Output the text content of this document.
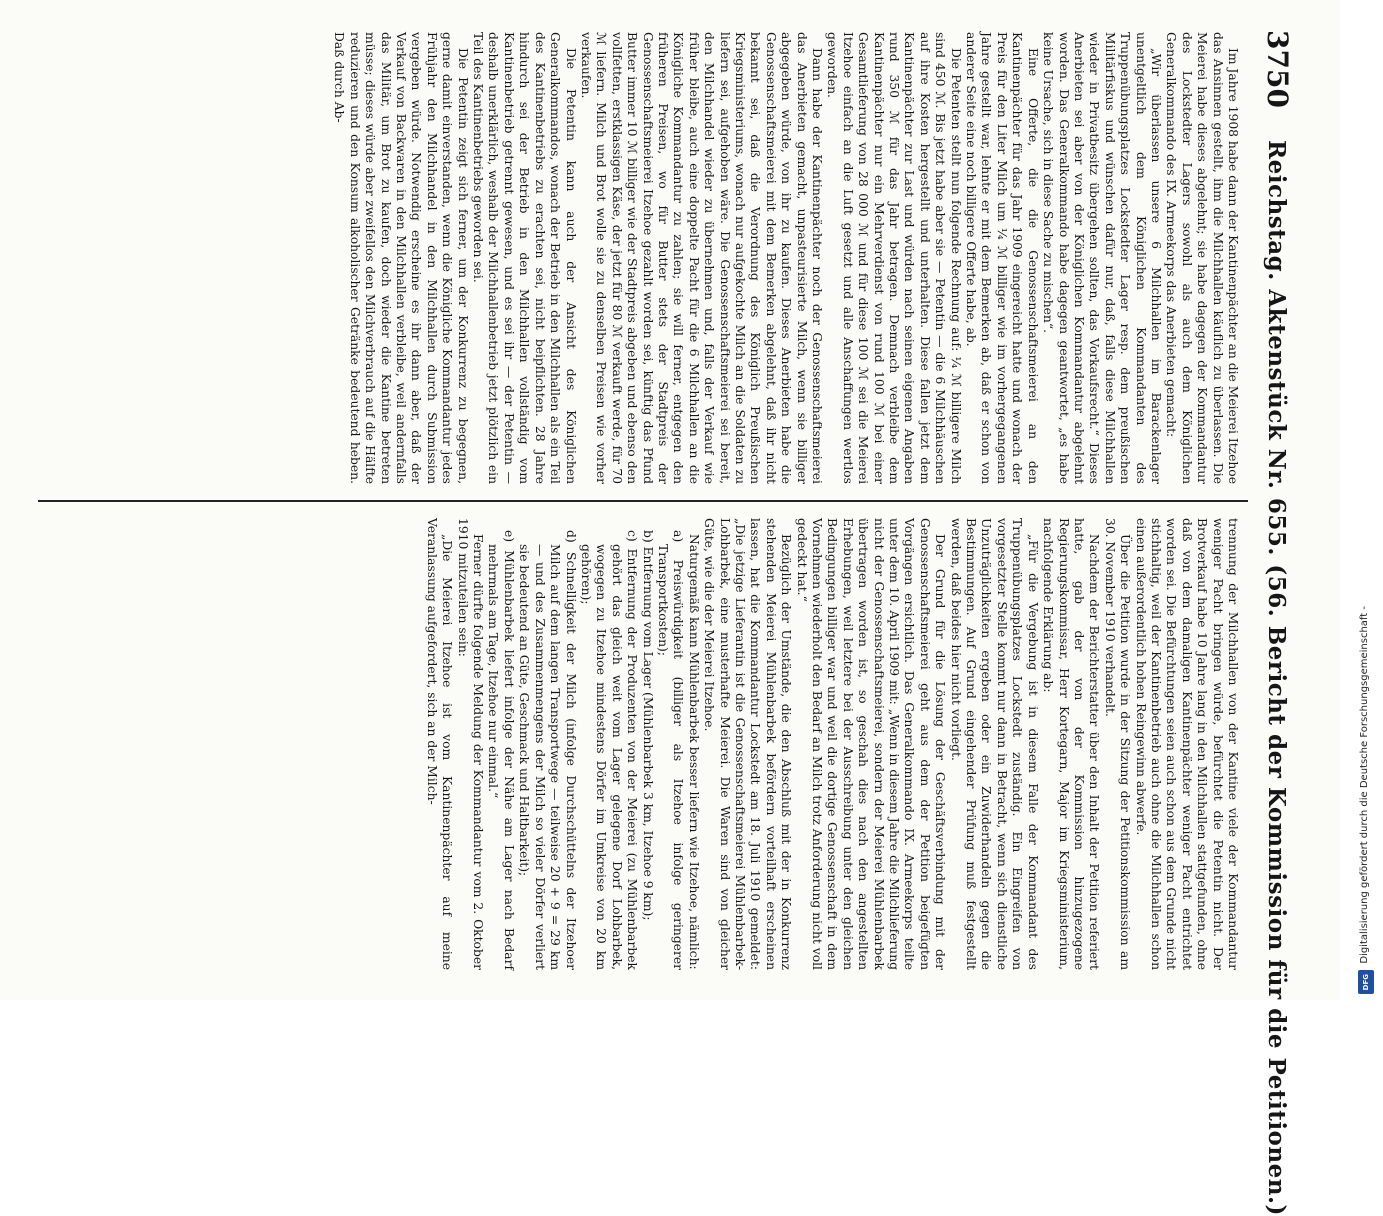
3750
Reichstag. Aktenstück Nr. 655. (56. Bericht der Kommission für die Petitionen.)

Im Jahre 1908 habe dann der Kantinenpächter an die Meierei Itzehoe das Ansinnen gestellt, ihm die Milchhallen käuflich zu überlassen. Die Meierei habe dieses abgelehnt; sie habe dagegen der Kommandantur des Lockstedter Lagers sowohl als auch dem Königlichen Generalkommando des IX. Armeekorps das Anerbieten gemacht:

„Wir überlassen unsere 6 Milchhallen im Barackenlager unentgeltlich dem Königlichen Kommandanten des Truppenübungsplatzes Lockstedter Lager resp. dem preußischen Militärfiskus und wünschen dafür nur, daß, falls diese Milchhallen wieder in Privatbesitz übergehen sollten, das Vorkaufsrecht.“ Dieses Anerbieten sei aber von der Königlichen Kommandantur abgelehnt worden. Das Generalkommando habe dagegen geantwortet, „es habe keine Ursache, sich in diese Sache zu mischen“.

Eine Offerte, die die Genossenschaftsmeierei an den Kantinenpächter für das Jahr 1909 eingereicht hatte und wonach der Preis für den Liter Milch um ¼ ℳ billiger wie im vorhergegangenen Jahre gestellt war, lehnte er mit dem Bemerken ab, daß er schon von anderer Seite eine noch billigere Offerte habe, ab.

Die Petenten stellt nun folgende Rechnung auf: ¼ ℳ billigere Milch sind 450 ℳ. Bis jetzt habe aber sie — Petentin — die 6 Milchhäuschen auf ihre Kosten hergestellt und unterhalten. Diese fallen jetzt dem Kantinenpächter zur Last und würden nach seinen eigenen Angaben rund 350 ℳ für das Jahr betragen. Demnach verbleibe dem Kantinenpächter nur ein Mehrverdienst von rund 100 ℳ bei einer Gesamtlieferung von 28 000 ℳ und für diese 100 ℳ sei die Meierei Itzehoe einfach an die Luft gesetzt und alle Anschaffungen wertlos geworden.

Dann habe der Kantinenpächter noch der Genossenschaftsmeierei das Anerbieten gemacht, unpasteurisierte Milch, wenn sie billiger abgegeben würde, von ihr zu kaufen. Dieses Anerbieten habe die Genossenschaftsmeierei mit dem Bemerken abgelehnt, daß ihr nicht bekannt sei, daß die Verordnung des Königlich Preußischen Kriegsministeriums, wonach nur aufgekochte Milch an die Soldaten zu liefern sei, aufgehoben wäre. Die Genossenschaftsmeierei sei bereit, den Milchhandel wieder zu übernehmen und, falls der Verkauf wie früher bleibe, auch eine doppelte Pacht für die 6 Milchhallen an die Königliche Kommandantur zu zahlen; sie will ferner, entgegen den früheren Preisen, wo für Butter stets der Stadtpreis der Genossenschaftsmeierei Itzehoe gezahlt worden sei, künftig das Pfund Butter immer 10 ℳ billiger wie der Stadtpreis abgeben und ebenso den vollfetten, erstklassigen Käse, der jetzt für 80 ℳ verkauft werde, für 70 ℳ liefern. Milch und Brot wolle sie zu denselben Preisen wie vorher verkaufen.

Die Petentin kann auch der Ansicht des Königlichen Generalkommandos, wonach der Betrieb in den Milchhallen als ein Teil des Kantinenbetriebs zu erachten sei, nicht beipflichten. 28 Jahre hindurch sei der Betrieb in den Milchhallen vollständig vom Kantinenbetrieb getrennt gewesen, und es sei ihr — der Petentin — deshalb unerklärlich, weshalb der Milchhallenbetrieb jetzt plötzlich ein Teil des Kantinenbetriebs geworden sei.

Die Petentin zeigt sich ferner, um der Konkurrenz zu begegnen, gerne damit einverstanden, wenn die Königliche Kommandantur jedes Frühjahr den Milchhandel in den Milchhallen durch Submission vergeben würde. Notwendig erscheine es ihr dann aber, daß der Verkauf von Backwaren in den Milchhallen verbleibe, weil andernfalls das Militär, um Brot zu kaufen, doch wieder die Kantine betreten müsse; dieses würde aber zweifellos den Milchverbrauch auf die Hälfte reduzieren und den Konsum alkoholischer Getränke bedeutend heben. Daß durch Ab-

trennung der Milchhallen von der Kantine viele der Kommandantur weniger Pacht bringen würde, befürchtet die Petentin nicht. Der Brotverkauf habe 10 Jahre lang in den Milchhallen stattgefunden, ohne daß von dem damaligen Kantinenpächter weniger Pacht entrichtet worden sei. Die Befürchtungen seien auch schon aus dem Grunde nicht stichhaltig, weil der Kantinenbetrieb auch ohne die Milchhallen schon einen außerordentlich hohen Reingewinn abwerfe.

Über die Petition wurde in der Sitzung der Petitionskommission am 30. November 1910 verhandelt.

Nachdem der Berichterstatter über den Inhalt der Petition referiert hatte, gab der von der Kommission hinzugezogene Regierungskommissar, Herr Kortegarn, Major im Kriegsministerium, nachfolgende Erklärung ab:

„Für die Vergebung ist in diesem Falle der Kommandant des Truppenübungsplatzes Lockstedt zuständig. Ein Eingreifen von vorgesetzter Stelle kommt nur dann in Betracht, wenn sich dienstliche Unzuträglichkeiten ergeben oder ein Zuwiderhandeln gegen die Bestimmungen. Auf Grund eingehender Prüfung muß festgestellt werden, daß beides hier nicht vorliegt.

Der Grund für die Lösung der Geschäftsverbindung mit der Genossenschaftsmeierei geht aus dem der Petition beigefügten Vorgängen ersichtlich. Das Generalkommando IX. Armeekorps teilte unter dem 10. April 1909 mit: „Wenn in diesem Jahre die Milchlieferung nicht der Genossenschaftsmeierei, sondern der Meierei Mühlenbarbek übertragen worden ist, so geschah dies nach den angestellten Erhebungen, weil letztere bei der Ausschreibung unter den gleichen Bedingungen billiger war und weil die dortige Genossenschaft in dem Vornehmen wiederholt den Bedarf an Milch trotz Anforderung nicht voll gedeckt hat.“

Bezüglich der Umstände, die den Abschluß mit der in Konkurrenz stehenden Meierei Mühlenbarbek befördern vorteilhaft erscheinen lassen, hat die Kommandantur Lockstedt am 18. Juli 1910 gemeldet: „Die jetzige Lieferantin ist die Genossenschaftsmeierei Mühlenbarbek-Lohbarbek, eine musterhafte Meierei. Die Waren sind von gleicher Güte, wie die der Meierei Itzehoe.

Naturgemäß kann Mühlenbarbek besser liefern wie Itzehoe, nämlich:

a) Preiswürdigkeit (billiger als Itzehoe infolge geringerer Transportkosten);
b) Entfernung vom Lager (Mühlenbarbek 3 km, Itzehoe 9 km);
c) Entfernung der Produzenten von der Meierei (zu Mühlenbarbek gehört das gleich weit vom Lager gelegene Dorf Lohbarbek, wogegen zu Itzehoe mindestens Dörfer im Umkreise von 20 km gehören);
d) Schnelligkeit der Milch (infolge Durchschüttelns der Itzehoer Milch auf dem langen Transportwege — teilweise 20 + 9 = 29 km — und des Zusammenmengens der Milch so vieler Dörfer verliert sie bedeutend an Güte, Geschmack und Haltbarkeit);
e) Mühlenbarbek liefert infolge der Nähe am Lager nach Bedarf mehrmals am Tage, Itzehoe nur einmal.“

Ferner dürfte folgende Meldung der Kommandantur vom 2. Oktober 1910 mitzuteilen sein:

„Die Meierei Itzehoe ist vom Kantinenpächter auf meine Veranlassung aufgefordert, sich an der Milch-	Digitalisierung gefördert durch die Deutsche Forschungsgemeinschaft -
DFG
